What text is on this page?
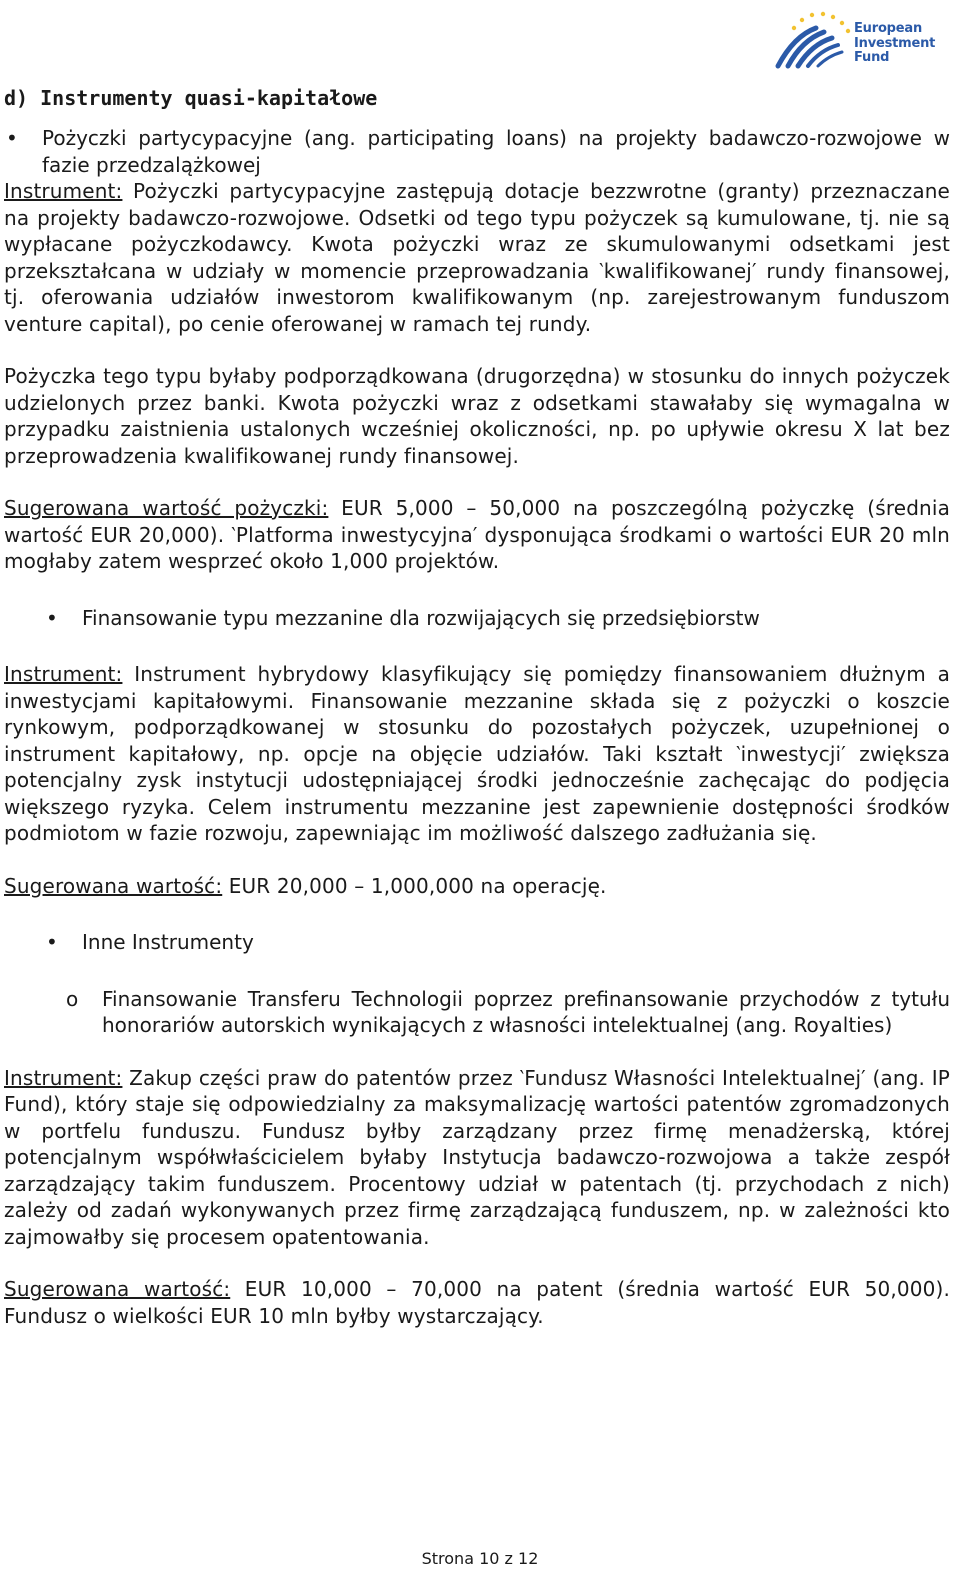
European
Investment
Fund
d) Instrumenty quasi-kapitałowe
• Pożyczki partycypacyjne (ang. participating loans) na projekty badawczo-rozwojowe w fazie przedzalążkowej

Instrument: Pożyczki partycypacyjne zastępują dotacje bezzwrotne (granty) przeznaczane na projekty badawczo-rozwojowe. Odsetki od tego typu pożyczek są kumulowane, tj. nie są wypłacane pożyczkodawcy. Kwota pożyczki wraz ze skumulowanymi odsetkami jest przekształcana w udziały w momencie przeprowadzania ‵kwalifikowanej′ rundy finansowej, tj. oferowania udziałów inwestorom kwalifikowanym (np. zarejestrowanym funduszom venture capital), po cenie oferowanej w ramach tej rundy.

Pożyczka tego typu byłaby podporządkowana (drugorzędna) w stosunku do innych pożyczek udzielonych przez banki. Kwota pożyczki wraz z odsetkami stawałaby się wymagalna w przypadku zaistnienia ustalonych wcześniej okoliczności, np. po upływie okresu X lat bez przeprowadzenia kwalifikowanej rundy finansowej.

Sugerowana wartość pożyczki: EUR 5,000 – 50,000 na poszczególną pożyczkę (średnia wartość EUR 20,000). ‵Platforma inwestycyjna′ dysponująca środkami o wartości EUR 20 mln mogłaby zatem wesprzeć około 1,000 projektów.

• Finansowanie typu mezzanine dla rozwijających się przedsiębiorstw

Instrument: Instrument hybrydowy klasyfikujący się pomiędzy finansowaniem dłużnym a inwestycjami kapitałowymi. Finansowanie mezzanine składa się z pożyczki o koszcie rynkowym, podporządkowanej w stosunku do pozostałych pożyczek, uzupełnionej o instrument kapitałowy, np. opcje na objęcie udziałów. Taki kształt ‵inwestycji′ zwiększa potencjalny zysk instytucji udostępniającej środki jednocześnie zachęcając do podjęcia większego ryzyka. Celem instrumentu mezzanine jest zapewnienie dostępności środków podmiotom w fazie rozwoju, zapewniając im możliwość dalszego zadłużania się.

Sugerowana wartość: EUR 20,000 – 1,000,000 na operację.

• Inne Instrumenty
o Finansowanie Transferu Technologii poprzez prefinansowanie przychodów z tytułu honorariów autorskich wynikających z własności intelektualnej (ang. Royalties)

Instrument: Zakup części praw do patentów przez ‵Fundusz Własności Intelektualnej′ (ang. IP Fund), który staje się odpowiedzialny za maksymalizację wartości patentów zgromadzonych w portfelu funduszu. Fundusz byłby zarządzany przez firmę menadżerską, której potencjalnym współwłaścicielem byłaby Instytucja badawczo-rozwojowa a także zespół zarządzający takim funduszem. Procentowy udział w patentach (tj. przychodach z nich) zależy od zadań wykonywanych przez firmę zarządzającą funduszem, np. w zależności kto zajmowałby się procesem opatentowania.

Sugerowana wartość: EUR 10,000 – 70,000 na patent (średnia wartość EUR 50,000). Fundusz o wielkości EUR 10 mln byłby wystarczający.

Strona 10 z 12
